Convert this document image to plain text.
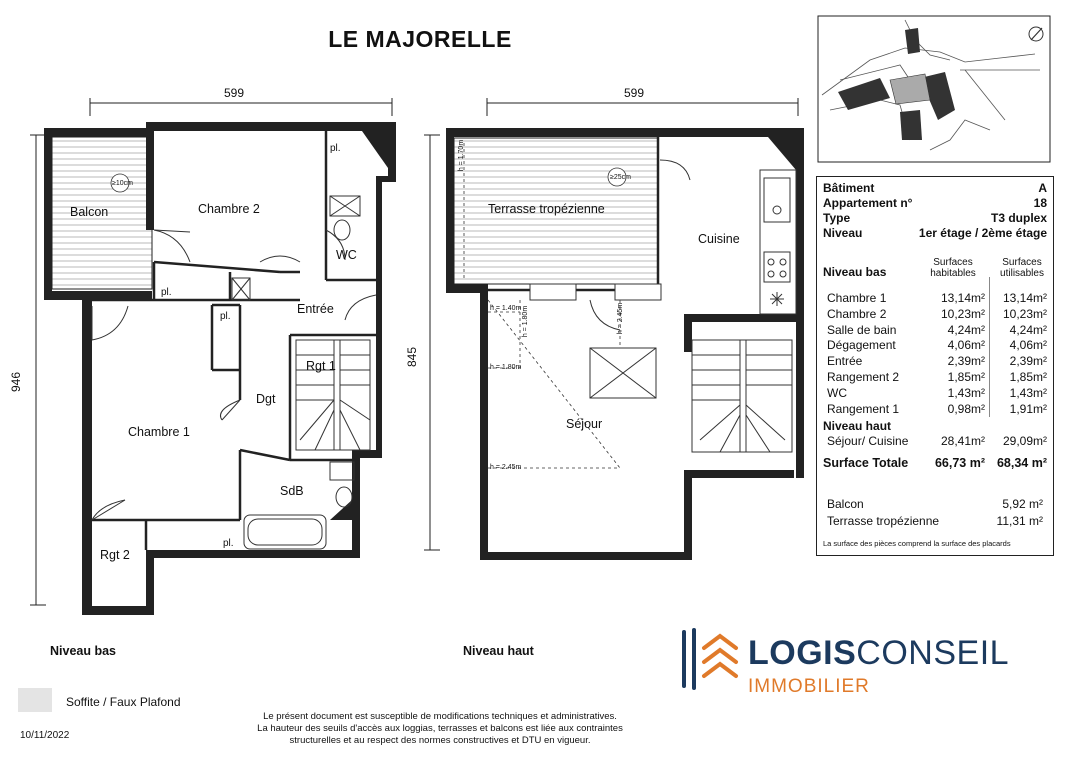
LE MAJORELLE
599	599
946
845
Balcon
≥10cm
Chambre 2
WC
Entrée
Rgt 1
Dgt
Chambre 1
SdB
Rgt 2
pl.
pl.
pl.
pl.
Terrasse tropézienne
≥25cm
Cuisine
Séjour
h = 1.40m
h = 1.80m
h = 2.45m
h = 1.80m	h = 2.45m
h = 1.70m
Niveau bas	Niveau haut
Soffite / Faux Plafond
10/11/2022
Le présent document est susceptible de modifications techniques et administratives.
La hauteur des seuils d'accès aux loggias, terrasses et balcons est liée aux contraintes
structurelles et au respect des normes constructives et DTU en vigueur.
Bâtiment	A
Appartement n°	18
Type	T3 duplex
Niveau	1er étage / 2ème étage
Niveau bas
Surfaces habitables
Surfaces utilisables
Chambre 1	13,14m² 13,14m²
Chambre 2	10,23m² 10,23m²
Salle de bain	4,24m² 4,24m²
Dégagement	4,06m² 4,06m²
Entrée	2,39m² 2,39m²
Rangement 2	1,85m² 1,85m²
WC	1,43m² 1,43m²
Rangement 1	0,98m² 1,91m²
Niveau haut
Séjour/ Cuisine	28,41m² 29,09m²
Surface Totale 66,73 m² 68,34 m²
Balcon	5,92 m²
Terrasse tropézienne	11,31 m²
La surface des pièces comprend la surface des placards
LOGISCONSEIL
IMMOBILIER
